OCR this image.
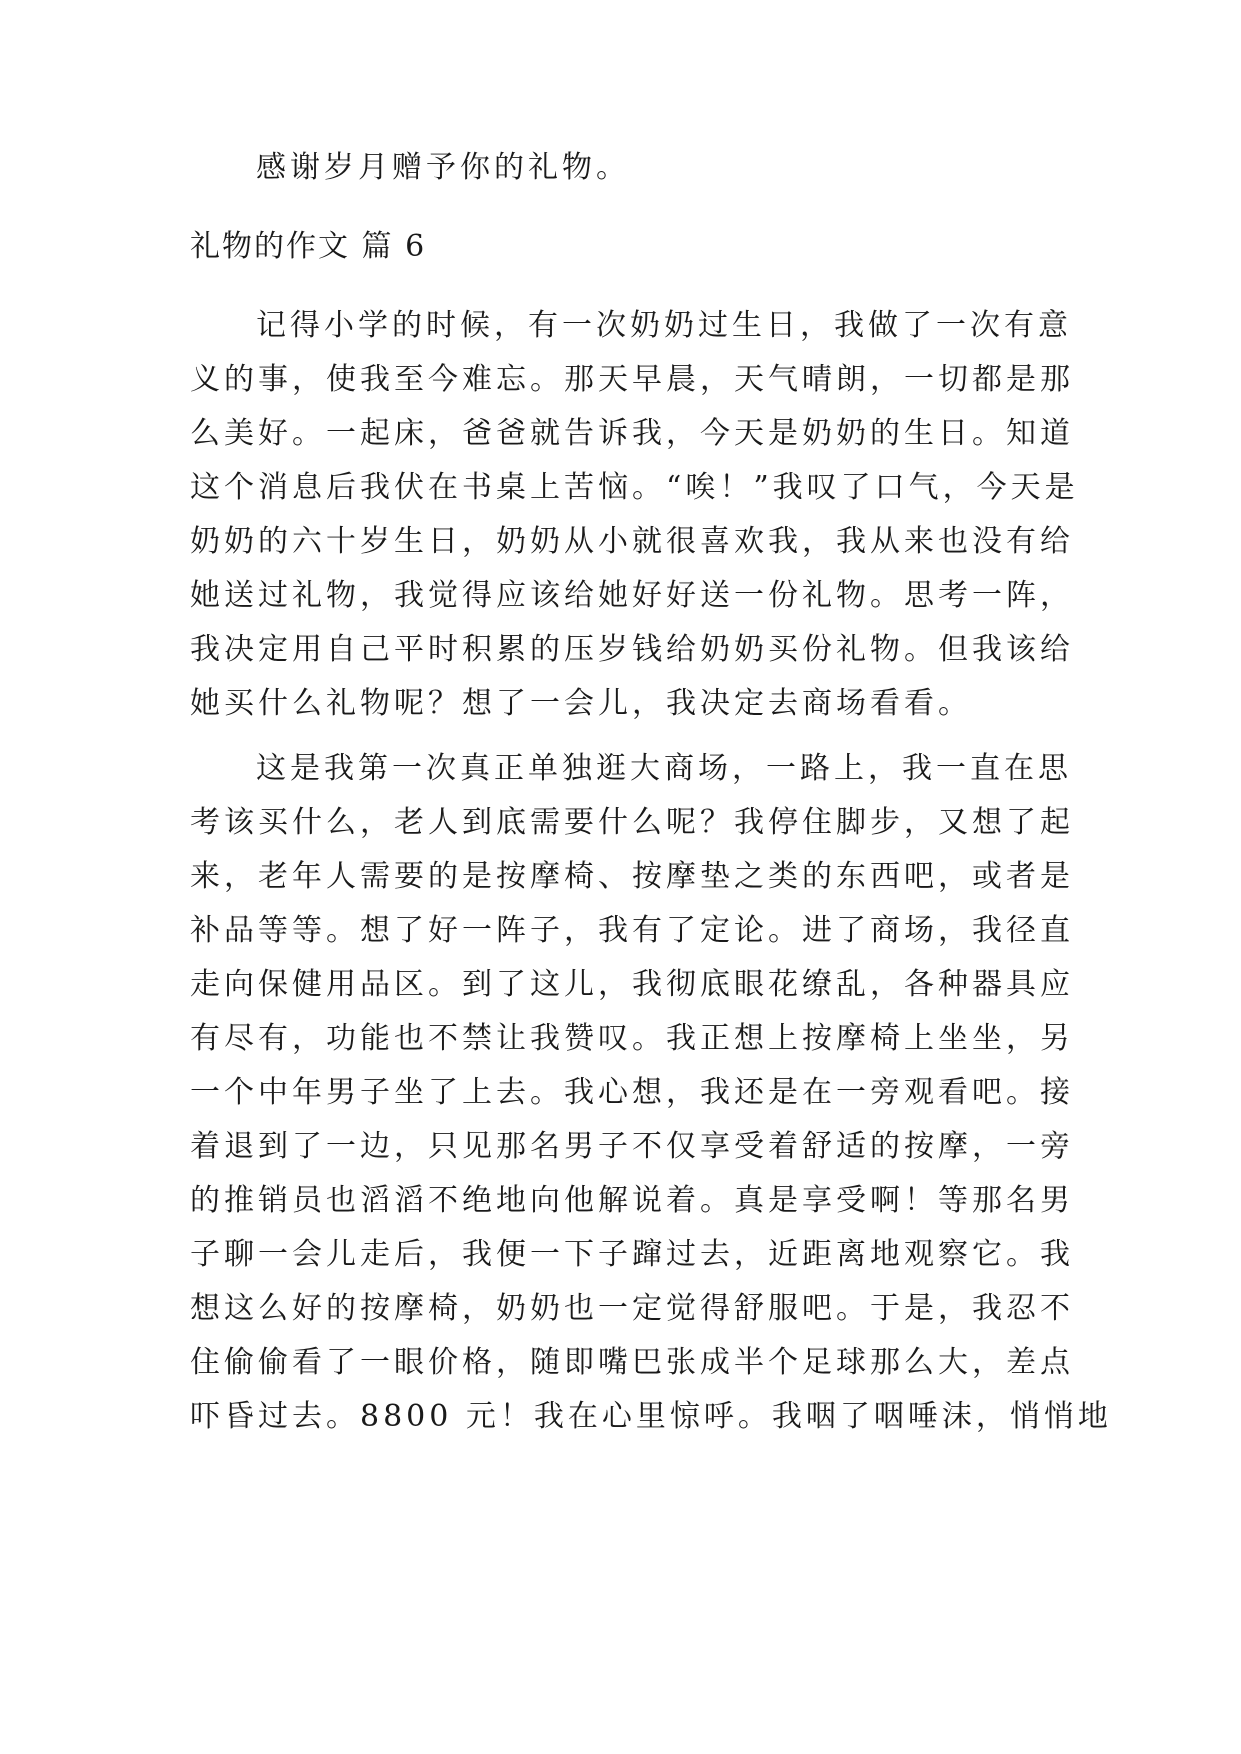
感谢岁月赠予你的礼物。
礼物的作文 篇 6
记得小学的时候，有一次奶奶过生日，我做了一次有意
义的事，使我至今难忘。那天早晨，天气晴朗，一切都是那
么美好。一起床，爸爸就告诉我，今天是奶奶的生日。知道
这个消息后我伏在书桌上苦恼。“唉！”我叹了口气，今天是
奶奶的六十岁生日，奶奶从小就很喜欢我，我从来也没有给
她送过礼物，我觉得应该给她好好送一份礼物。思考一阵，
我决定用自己平时积累的压岁钱给奶奶买份礼物。但我该给
她买什么礼物呢？想了一会儿，我决定去商场看看。
这是我第一次真正单独逛大商场，一路上，我一直在思
考该买什么，老人到底需要什么呢？我停住脚步，又想了起
来，老年人需要的是按摩椅、按摩垫之类的东西吧，或者是
补品等等。想了好一阵子，我有了定论。进了商场，我径直
走向保健用品区。到了这儿，我彻底眼花缭乱，各种器具应
有尽有，功能也不禁让我赞叹。我正想上按摩椅上坐坐，另
一个中年男子坐了上去。我心想，我还是在一旁观看吧。接
着退到了一边，只见那名男子不仅享受着舒适的按摩，一旁
的推销员也滔滔不绝地向他解说着。真是享受啊！等那名男
子聊一会儿走后，我便一下子蹿过去，近距离地观察它。我
想这么好的按摩椅，奶奶也一定觉得舒服吧。于是，我忍不
住偷偷看了一眼价格，随即嘴巴张成半个足球那么大，差点
吓昏过去。8800 元！我在心里惊呼。我咽了咽唾沫，悄悄地
